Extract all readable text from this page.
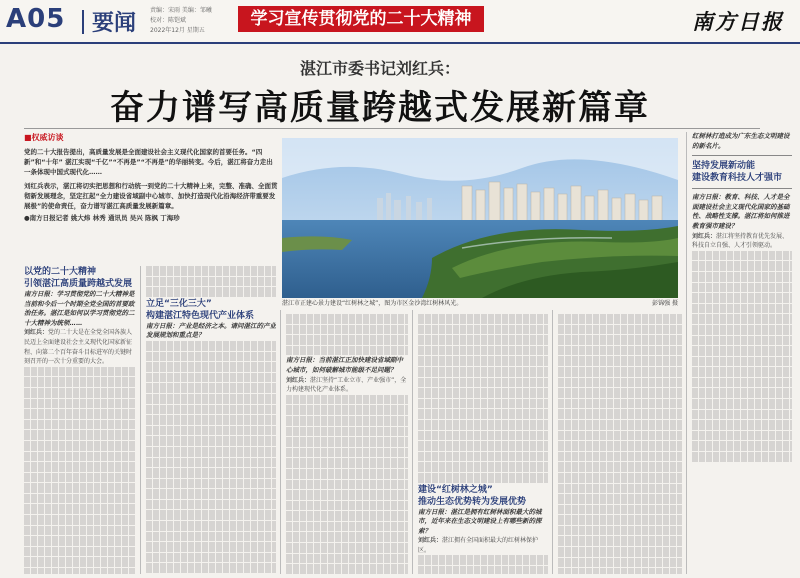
A05 要闻
责编：宋雨 美编：邹曦
校对：陈铠斌
2022年12月 星期五
学习宣传贯彻党的二十大精神	南方日报
湛江市委书记刘红兵：
奋力谱写高质量跨越式发展新篇章
■权威访谈
党的二十大报告提出，高质量发展是全面建设社会主义现代化国家的首要任务。“四新”和“十年” 湛江实现“千亿”“不再是”“不再是”的华丽转变。今后，湛江将奋力走出一条体现中国式现代化……
刘红兵表示，湛江将切实把思想和行动统一到党的二十大精神上来，完整、准确、全面贯彻新发展理念，坚定扛起“全力建设省域副中心城市、加快打造现代化沿海经济带重要发展极”的使命责任，奋力谱写湛江高质量发展新篇章。
●南方日报记者 姚大炜 林秀 通讯员 吴兴 陈枫 丁海珍
湛江市正建心景力建设“红树林之城”，图为市区金沙湾红树林风光。	彭锦强 摄
红树林打造成为广东生态文明建设的新名片。
坚持发展新动能
建设教育科技人才强市
南方日报：教育、科技、人才是全面建设社会主义现代化国家的基础性、战略性支撑。湛江将如何推进教育强市建设？
刘红兵：湛江将坚持教育优先发展、科技自立自强、人才引领驱动。
以党的二十大精神
引领湛江高质量跨越式发展
南方日报：学习贯彻党的二十大精神是当前和今后一个时期全党全国的首要政治任务。湛江是如何以学习贯彻党的二十大精神为统领……
刘红兵：党的二十大是在全党全国各族人民迈上全面建设社会主义现代化国家新征程、向第二个百年奋斗目标进军的关键时刻召开的一次十分重要的大会。
立足“三化三大”
构建湛江特色现代产业体系
南方日报：产业是经济之本。请问湛江的产业发展规划和重点是？
南方日报：当前湛江正加快建设省域副中心城市，如何破解城市能级不足问题？
刘红兵：湛江坚持“工业立市、产业强市”，全力构建现代化产业体系。
建设“红树林之城”
推动生态优势转为发展优势
南方日报：湛江是拥有红树林面积最大的城市，近年来在生态文明建设上有哪些新的探索？
刘红兵：湛江拥有全国面积最大的红树林保护区。
